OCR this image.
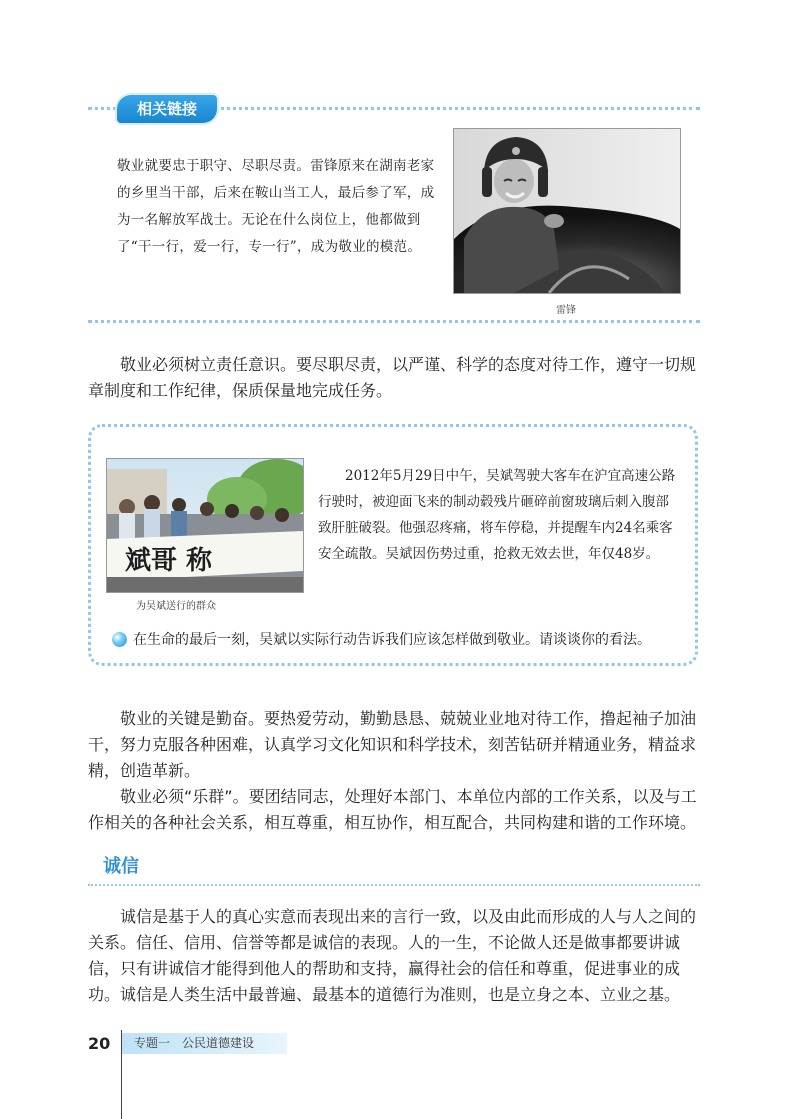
相关链接
敬业就要忠于职守、尽职尽责。雷锋原来在湖南老家的乡里当干部，后来在鞍山当工人，最后参了军，成为一名解放军战士。无论在什么岗位上，他都做到了“干一行，爱一行，专一行”，成为敬业的模范。
雷锋
敬业必须树立责任意识。要尽职尽责，以严谨、科学的态度对待工作，遵守一切规章制度和工作纪律，保质保量地完成任务。
斌哥 称
为吴斌送行的群众
2012年5月29日中午，吴斌驾驶大客车在沪宜高速公路行驶时，被迎面飞来的制动毂残片砸碎前窗玻璃后刺入腹部致肝脏破裂。他强忍疼痛，将车停稳，并提醒车内24名乘客安全疏散。吴斌因伤势过重，抢救无效去世，年仅48岁。
在生命的最后一刻，吴斌以实际行动告诉我们应该怎样做到敬业。请谈谈你的看法。
敬业的关键是勤奋。要热爱劳动，勤勤恳恳、兢兢业业地对待工作，撸起袖子加油干，努力克服各种困难，认真学习文化知识和科学技术，刻苦钻研并精通业务，精益求精，创造革新。
敬业必须“乐群”。要团结同志，处理好本部门、本单位内部的工作关系，以及与工作相关的各种社会关系，相互尊重，相互协作，相互配合，共同构建和谐的工作环境。
诚信
诚信是基于人的真心实意而表现出来的言行一致，以及由此而形成的人与人之间的关系。信任、信用、信誉等都是诚信的表现。人的一生，不论做人还是做事都要讲诚信，只有讲诚信才能得到他人的帮助和支持，赢得社会的信任和尊重，促进事业的成功。诚信是人类生活中最普遍、最基本的道德行为准则，也是立身之本、立业之基。
20	专题一　公民道德建设
